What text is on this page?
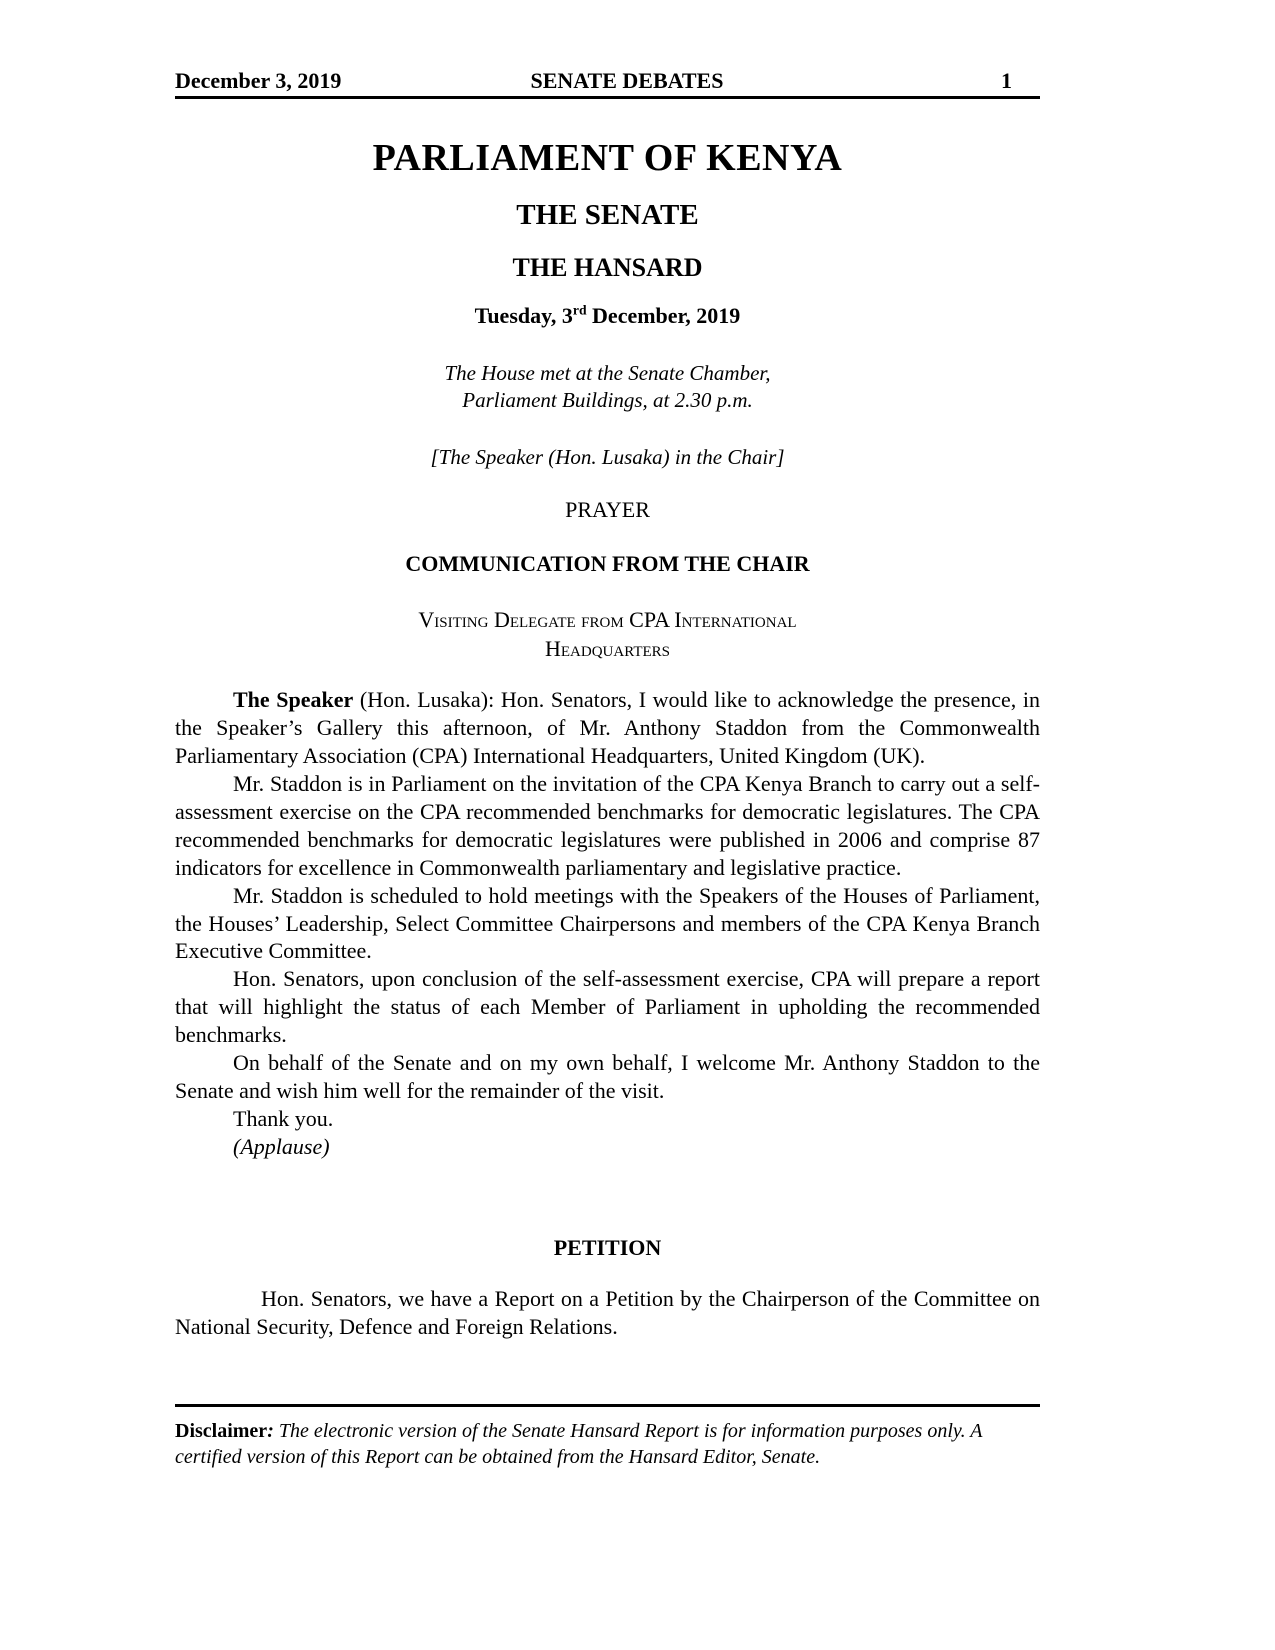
December 3, 2019	SENATE DEBATES	1
PARLIAMENT OF KENYA
THE SENATE
THE HANSARD
Tuesday, 3rd December, 2019
The House met at the Senate Chamber,
Parliament Buildings, at 2.30 p.m.
[The Speaker (Hon. Lusaka) in the Chair]
PRAYER
COMMUNICATION FROM THE CHAIR
Visiting Delegate from CPA International
Headquarters

The Speaker (Hon. Lusaka): Hon. Senators, I would like to acknowledge the presence, in the Speaker’s Gallery this afternoon, of Mr. Anthony Staddon from the Commonwealth Parliamentary Association (CPA) International Headquarters, United Kingdom (UK).

Mr. Staddon is in Parliament on the invitation of the CPA Kenya Branch to carry out a self-assessment exercise on the CPA recommended benchmarks for democratic legislatures. The CPA recommended benchmarks for democratic legislatures were published in 2006 and comprise 87 indicators for excellence in Commonwealth parliamentary and legislative practice.

Mr. Staddon is scheduled to hold meetings with the Speakers of the Houses of Parliament, the Houses’ Leadership, Select Committee Chairpersons and members of the CPA Kenya Branch Executive Committee.

Hon. Senators, upon conclusion of the self-assessment exercise, CPA will prepare a report that will highlight the status of each Member of Parliament in upholding the recommended benchmarks.

On behalf of the Senate and on my own behalf, I welcome Mr. Anthony Staddon to the Senate and wish him well for the remainder of the visit.

Thank you.

(Applause)

PETITION

Hon. Senators, we have a Report on a Petition by the Chairperson of the Committee on National Security, Defence and Foreign Relations.

Disclaimer: The electronic version of the Senate Hansard Report is for information purposes only. A certified version of this Report can be obtained from the Hansard Editor, Senate.
